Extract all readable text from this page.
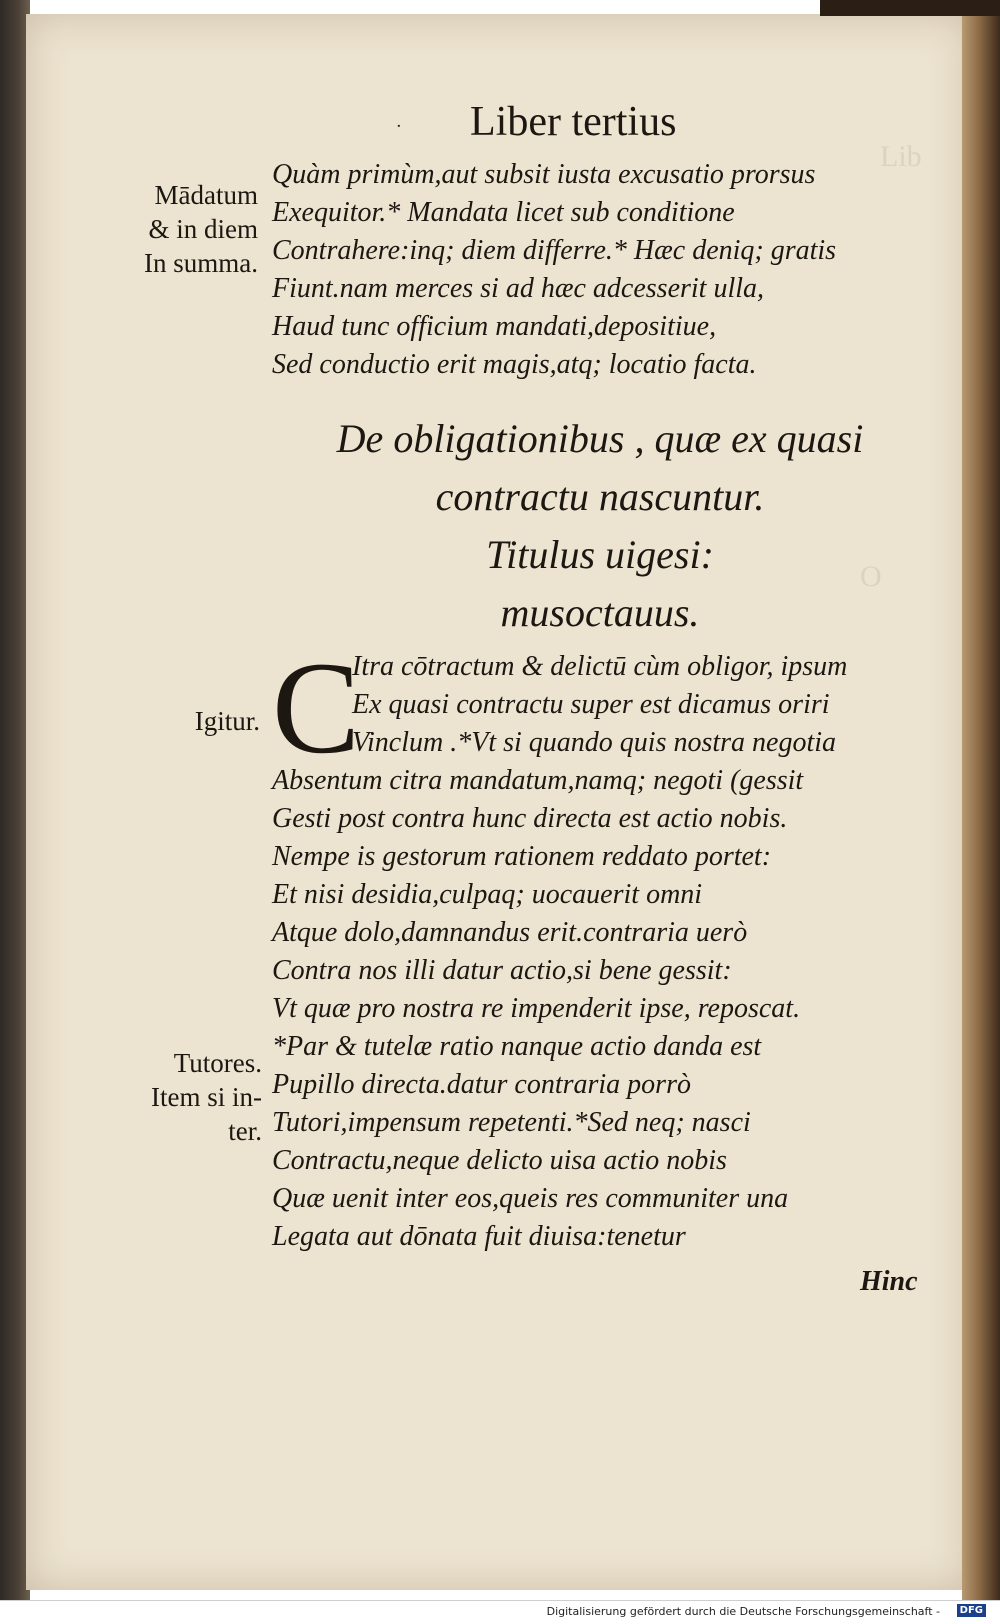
Lib
O
· Liber tertius
Mādatum
& in diem
In summa.
Quàm primùm,aut subsit iusta excusatio prorsus
Exequitor.* Mandata licet sub conditione
Contrahere:inq; diem differre.* Hæc deniq; gratis
Fiunt.nam merces si ad hæc adcesserit ulla,
Haud tunc officium mandati,depositiue,
Sed conductio erit magis,atq; locatio facta.
De obligationibus , quæ ex quasi
contractu nascuntur.
Titulus uigesi:
musoctauus.
Igitur. C
Itra cōtractum & delictū cùm obligor, ipsum
Ex quasi contractu super est dicamus oriri
Vinclum .*Vt si quando quis nostra negotia
Absentum citra mandatum,namq; negoti (gessit
Gesti post contra hunc directa est actio nobis.
Nempe is gestorum rationem reddato portet:
Et nisi desidia,culpaq; uocauerit omni
Atque dolo,damnandus erit.contraria uerò
Contra nos illi datur actio,si bene gessit:
Vt quæ pro nostra re impenderit ipse, reposcat.
*Par & tutelæ ratio nanque actio danda est
Pupillo directa.datur contraria porrò
Tutori,impensum repetenti.*Sed neq; nasci
Contractu,neque delicto uisa actio nobis
Quæ uenit inter eos,queis res communiter una
Legata aut dōnata fuit diuisa:tenetur
Tutores.
Item si in-
ter.
Hinc
Digitalisierung gefördert durch die Deutsche Forschungsgemeinschaft -	DFG
